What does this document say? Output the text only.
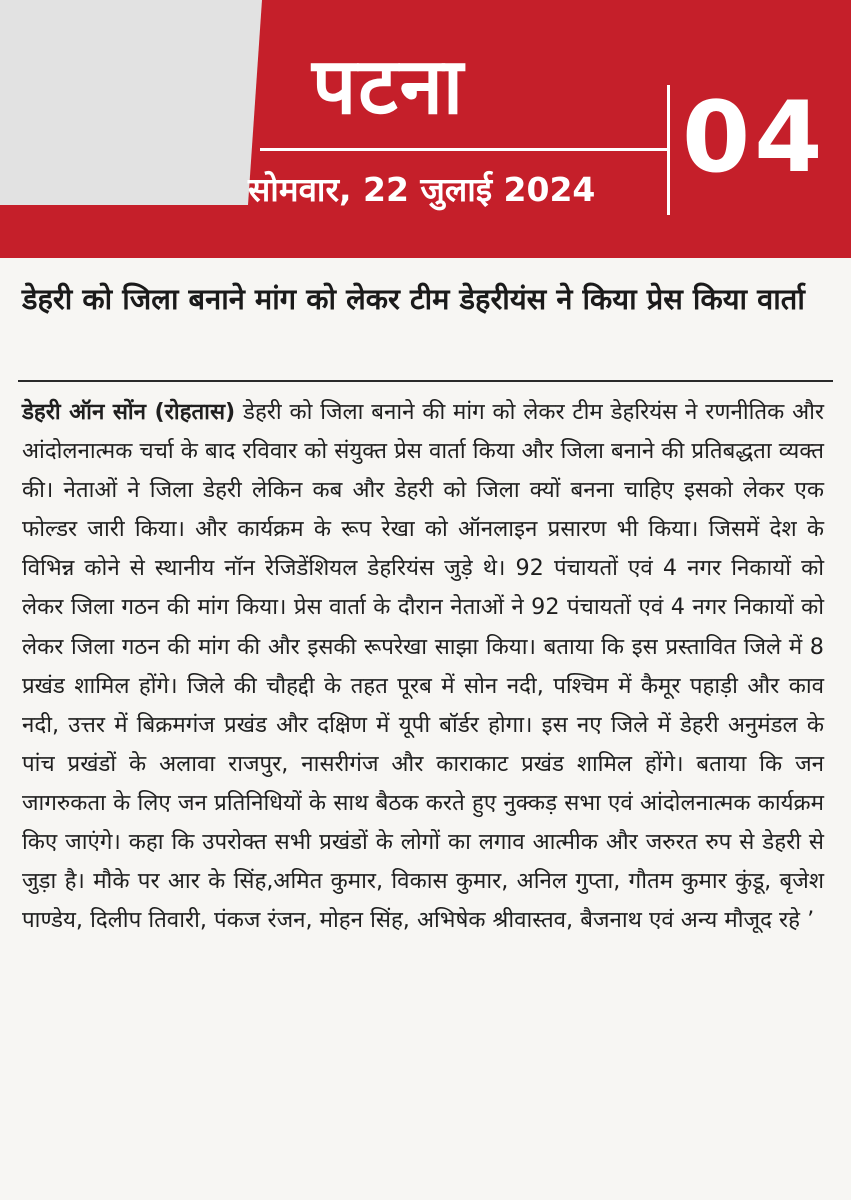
पटना
सोमवार, 22 जुलाई 2024 04
डेहरी को जिला बनाने मांग को लेकर टीम डेहरीयंस ने किया प्रेस किया वार्ता
डेहरी ऑन सोंन (रोहतास) डेहरी को जिला बनाने की मांग को लेकर टीम डेहरियंस ने रणनीतिक और आंदोलनात्मक चर्चा के बाद रविवार को संयुक्त प्रेस वार्ता किया और जिला बनाने की प्रतिबद्धता व्यक्त की। नेताओं ने जिला डेहरी लेकिन कब और डेहरी को जिला क्यों बनना चाहिए इसको लेकर एक फोल्डर जारी किया। और कार्यक्रम के रूप रेखा को ऑनलाइन प्रसारण भी किया। जिसमें देश के विभिन्न कोने से स्थानीय नॉन रेजिडेंशियल डेहरियंस जुड़े थे। 92 पंचायतों एवं 4 नगर निकायों को लेकर जिला गठन की मांग किया। प्रेस वार्ता के दौरान नेताओं ने 92 पंचायतों एवं 4 नगर निकायों को लेकर जिला गठन की मांग की और इसकी रूपरेखा साझा किया। बताया कि इस प्रस्तावित जिले में 8 प्रखंड शामिल होंगे। जिले की चौहद्दी के तहत पूरब में सोन नदी, पश्चिम में कैमूर पहाड़ी और काव नदी, उत्तर में बिक्रमगंज प्रखंड और दक्षिण में यूपी बॉर्डर होगा। इस नए जिले में डेहरी अनुमंडल के पांच प्रखंडों के अलावा राजपुर, नासरीगंज और काराकाट प्रखंड शामिल होंगे। बताया कि जन जागरुकता के लिए जन प्रतिनिधियों के साथ बैठक करते हुए नुक्कड़ सभा एवं आंदोलनात्मक कार्यक्रम किए जाएंगे। कहा कि उपरोक्त सभी प्रखंडों के लोगों का लगाव आत्मीक और जरुरत रुप से डेहरी से जुड़ा है। मौके पर आर के सिंह,अमित कुमार, विकास कुमार, अनिल गुप्ता, गौतम कुमार कुंडू, बृजेश पाण्डेय, दिलीप तिवारी, पंकज रंजन, मोहन सिंह, अभिषेक श्रीवास्तव, बैजनाथ एवं अन्य मौजूद रहे ’
